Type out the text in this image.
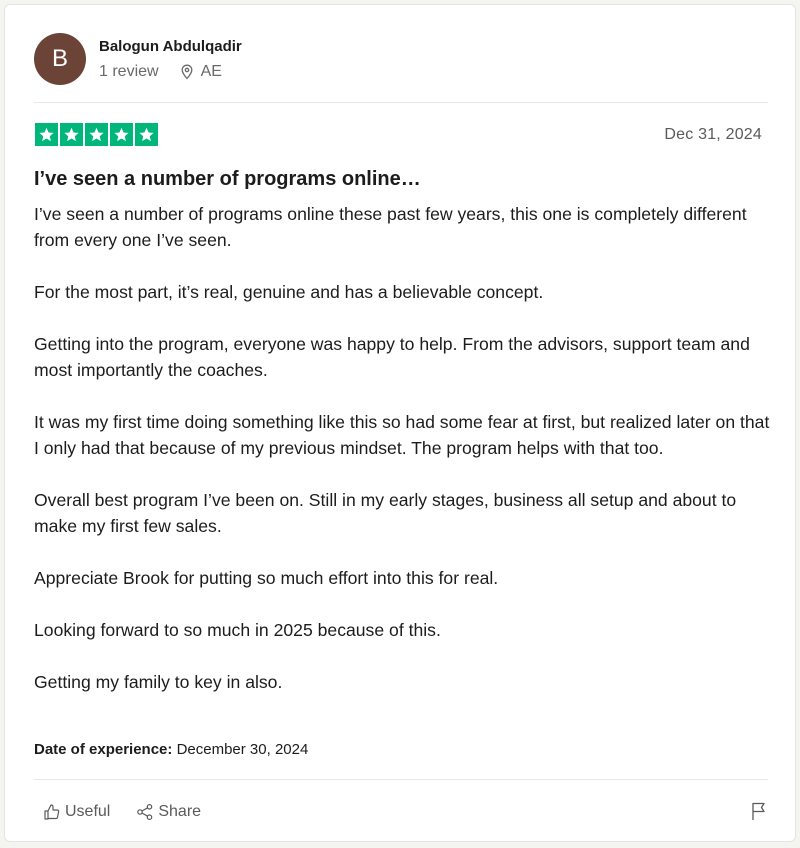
B Balogun Abdulqadir
1 review	AE
Dec 31, 2024
I’ve seen a number of programs online…

I’ve seen a number of programs online these past few years, this one is completely different from every one I’ve seen.

For the most part, it’s real, genuine and has a believable concept.

Getting into the program, everyone was happy to help. From the advisors, support team and most importantly the coaches.

It was my first time doing something like this so had some fear at first, but realized later on that I only had that because of my previous mindset. The program helps with that too.

Overall best program I’ve been on. Still in my early stages, business all setup and about to make my first few sales.

Appreciate Brook for putting so much effort into this for real.

Looking forward to so much in 2025 because of this.

Getting my family to key in also.

Date of experience: December 30, 2024
Useful	Share
